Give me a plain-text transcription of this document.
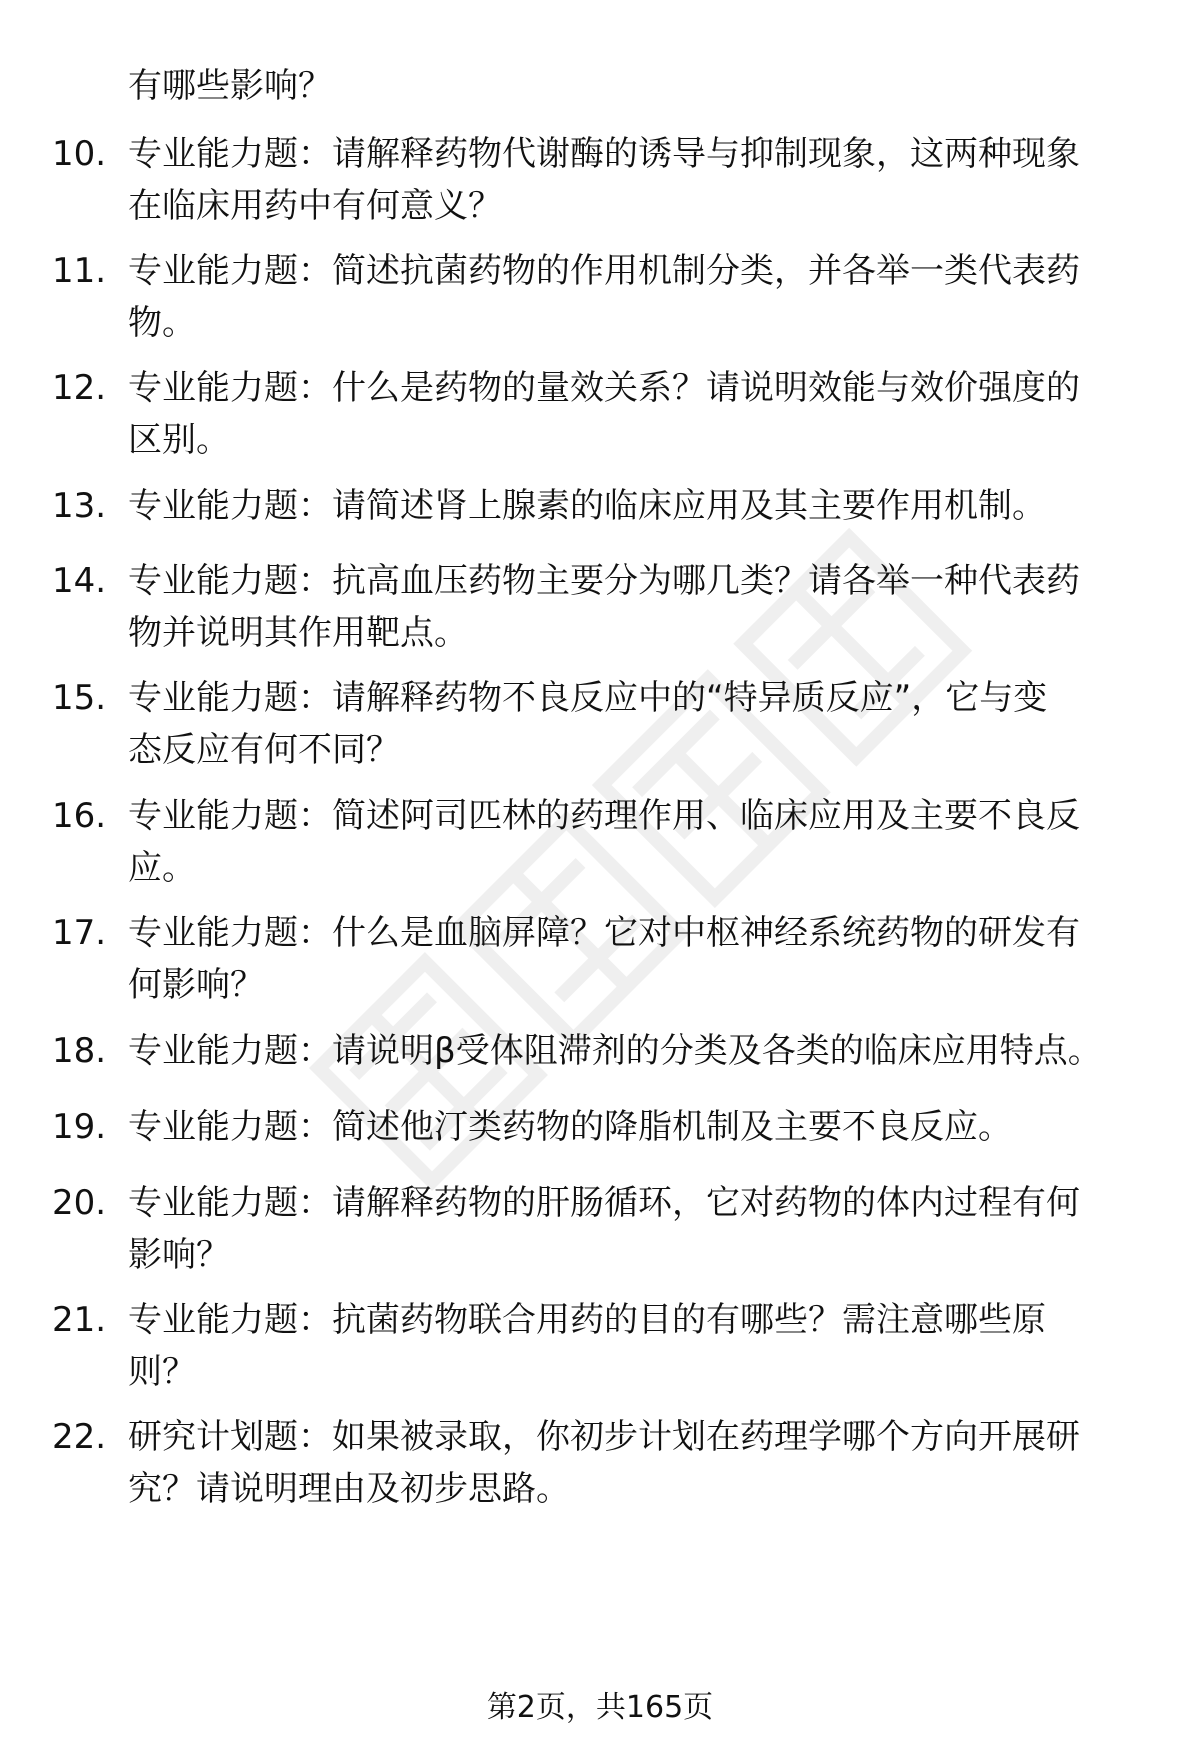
有哪些影响？
10. 专业能力题：请解释药物代谢酶的诱导与抑制现象，这两种现象
在临床用药中有何意义？
11. 专业能力题：简述抗菌药物的作用机制分类，并各举一类代表药
物。
12. 专业能力题：什么是药物的量效关系？请说明效能与效价强度的
区别。
13. 专业能力题：请简述肾上腺素的临床应用及其主要作用机制。
14. 专业能力题：抗高血压药物主要分为哪几类？请各举一种代表药
物并说明其作用靶点。
15. 专业能力题：请解释药物不良反应中的“特异质反应”，它与变
态反应有何不同？
16. 专业能力题：简述阿司匹林的药理作用、临床应用及主要不良反
应。
17. 专业能力题：什么是血脑屏障？它对中枢神经系统药物的研发有
何影响？
18. 专业能力题：请说明β受体阻滞剂的分类及各类的临床应用特点。
19. 专业能力题：简述他汀类药物的降脂机制及主要不良反应。
20. 专业能力题：请解释药物的肝肠循环，它对药物的体内过程有何
影响？
21. 专业能力题：抗菌药物联合用药的目的有哪些？需注意哪些原
则？
22. 研究计划题：如果被录取，你初步计划在药理学哪个方向开展研
究？请说明理由及初步思路。
第2页，共165页
